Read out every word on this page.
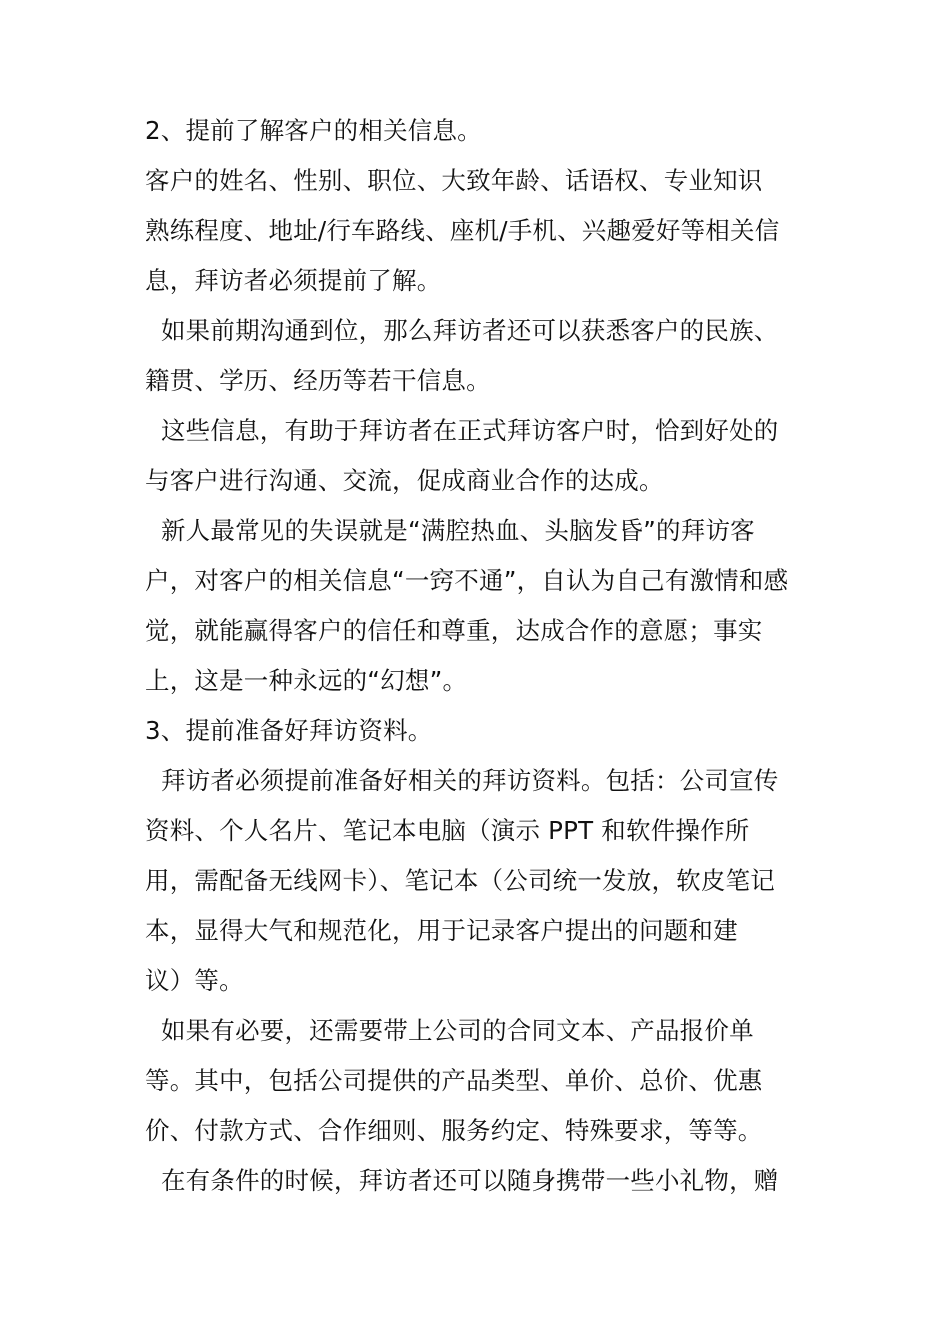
2、提前了解客户的相关信息。
客户的姓名、性别、职位、大致年龄、话语权、专业知识
熟练程度、地址/行车路线、座机/手机、兴趣爱好等相关信
息，拜访者必须提前了解。
如果前期沟通到位，那么拜访者还可以获悉客户的民族、
籍贯、学历、经历等若干信息。
这些信息，有助于拜访者在正式拜访客户时，恰到好处的
与客户进行沟通、交流，促成商业合作的达成。
新人最常见的失误就是“满腔热血、头脑发昏”的拜访客
户，对客户的相关信息“一窍不通”，自认为自己有激情和感
觉，就能赢得客户的信任和尊重，达成合作的意愿；事实
上，这是一种永远的“幻想”。
3、提前准备好拜访资料。
拜访者必须提前准备好相关的拜访资料。包括：公司宣传
资料、个人名片、笔记本电脑（演示 PPT 和软件操作所
用，需配备无线网卡）、笔记本（公司统一发放，软皮笔记
本，显得大气和规范化，用于记录客户提出的问题和建
议）等。
如果有必要，还需要带上公司的合同文本、产品报价单
等。其中，包括公司提供的产品类型、单价、总价、优惠
价、付款方式、合作细则、服务约定、特殊要求，等等。
在有条件的时候，拜访者还可以随身携带一些小礼物，赠
